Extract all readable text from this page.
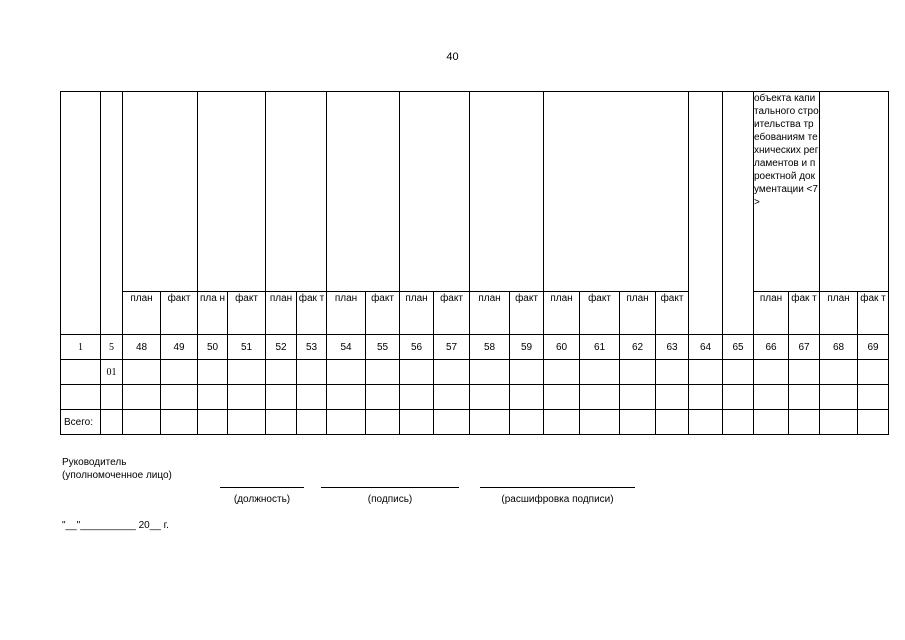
40
																				объекта капитального строительства требованиям технических регламентов и проектной документации <7>			
		план	факт	пла н	факт	план	фак т	план	факт	план	факт	план	факт	план	факт	план	факт			план	фак т	план	фак т
1	5	48	49	50	51	52	53	54	55	56	57	58	59	60	61	62	63	64	65	66	67	68	69
	01																						

Всего:																							
Руководитель
(уполномоченное лицо)
(должность)	(подпись)	(расшифровка подписи)
"__"__________ 20__ г.
